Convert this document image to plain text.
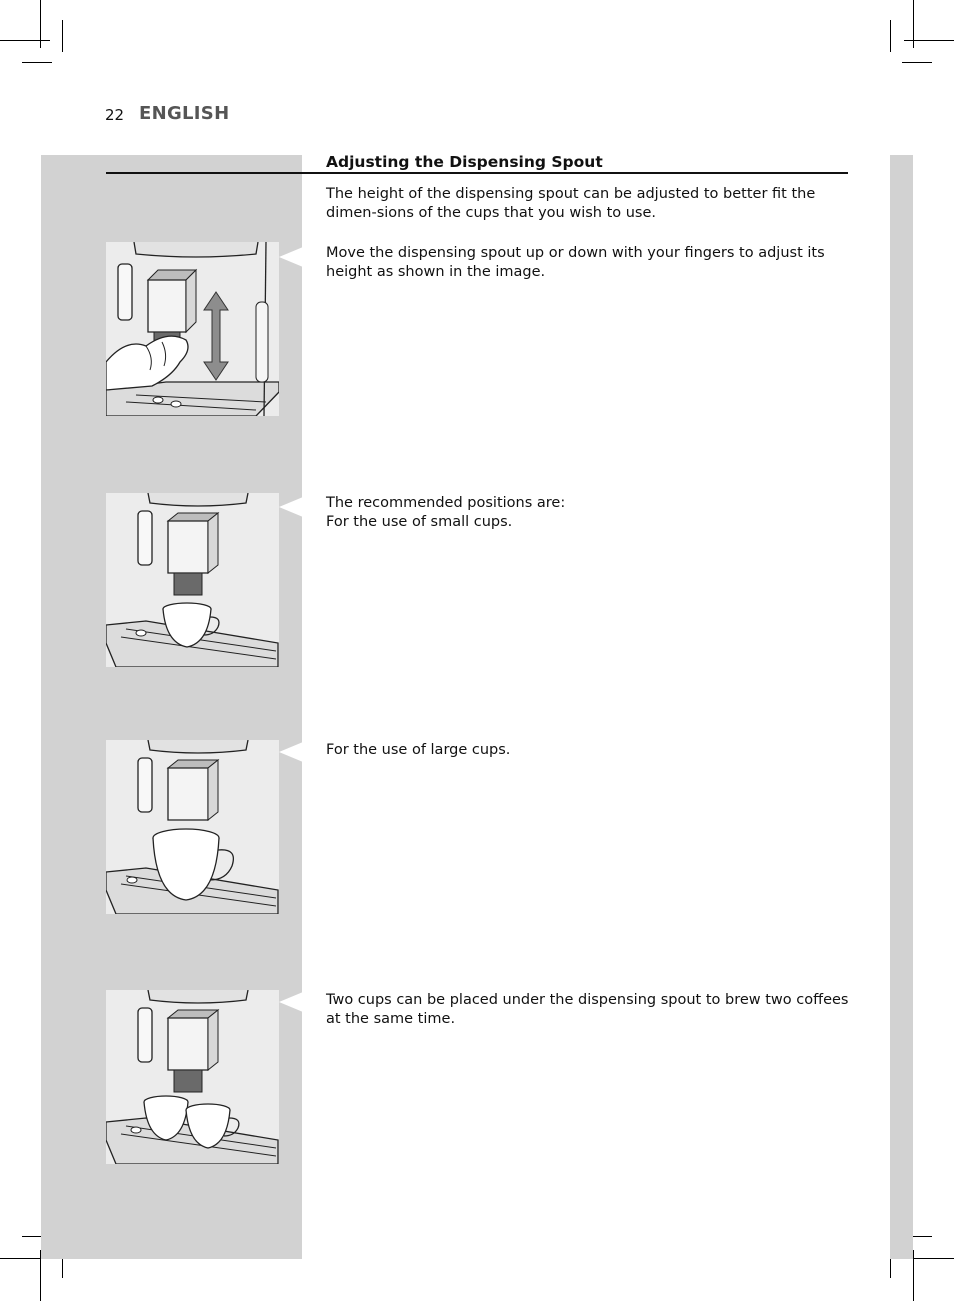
22 ENGLISH
Adjusting the Dispensing Spout

The height of the dispensing spout can be adjusted to better fit the dimen-sions of the cups that you wish to use.

Move the dispensing spout up or down with your fingers to adjust its height as shown in the image.

The recommended positions are:
For the use of small cups.

For the use of large cups.

Two cups can be placed under the dispensing spout to brew two coffees at the same time.
